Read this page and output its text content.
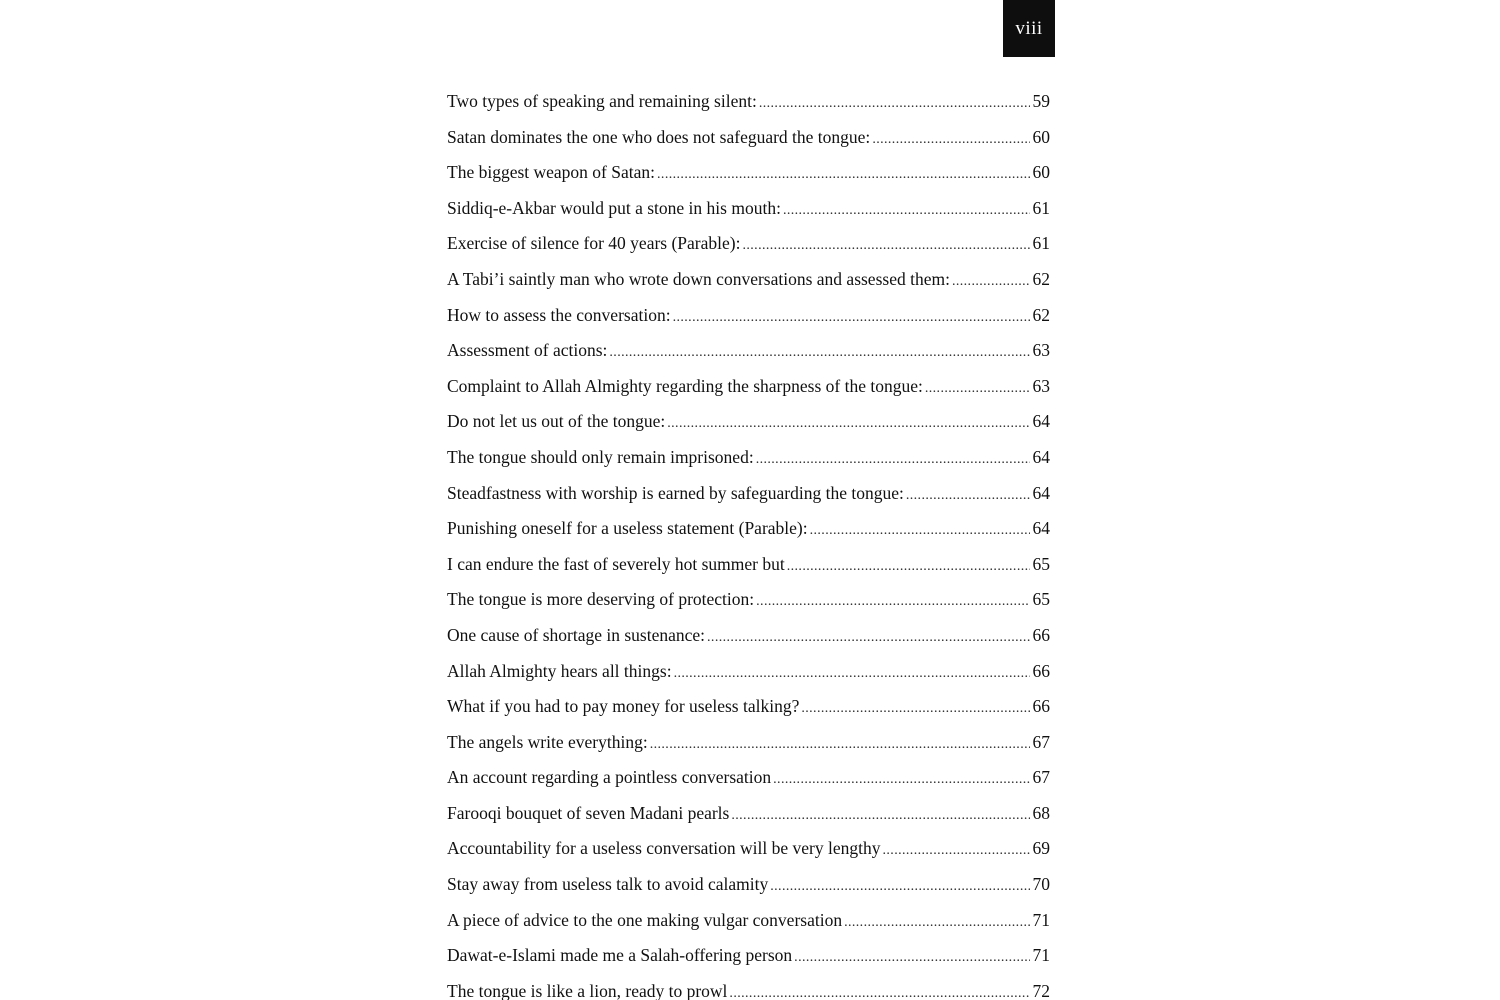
viii
Two types of speaking and remaining silent: .....	59
Satan dominates the one who does not safeguard the tongue: .....	60
The biggest weapon of Satan: .....	60
Siddiq-e-Akbar would put a stone in his mouth: .....	61
Exercise of silence for 40 years (Parable): .....	61
A Tabi’i saintly man who wrote down conversations and assessed them: .....	62
How to assess the conversation: .....	62
Assessment of actions: .....	63
Complaint to Allah Almighty regarding the sharpness of the tongue: .....	63
Do not let us out of the tongue: .....	64
The tongue should only remain imprisoned: .....	64
Steadfastness with worship is earned by safeguarding the tongue: .....	64
Punishing oneself for a useless statement (Parable): .....	64
I can endure the fast of severely hot summer but .....	65
The tongue is more deserving of protection: .....	65
One cause of shortage in sustenance: .....	66
Allah Almighty hears all things: .....	66
What if you had to pay money for useless talking? .....	66
The angels write everything: .....	67
An account regarding a pointless conversation .....	67
Farooqi bouquet of seven Madani pearls .....	68
Accountability for a useless conversation will be very lengthy .....	69
Stay away from useless talk to avoid calamity .....	70
A piece of advice to the one making vulgar conversation .....	71
Dawat-e-Islami made me a Salah-offering person .....	71
The tongue is like a lion, ready to prowl .....	72
